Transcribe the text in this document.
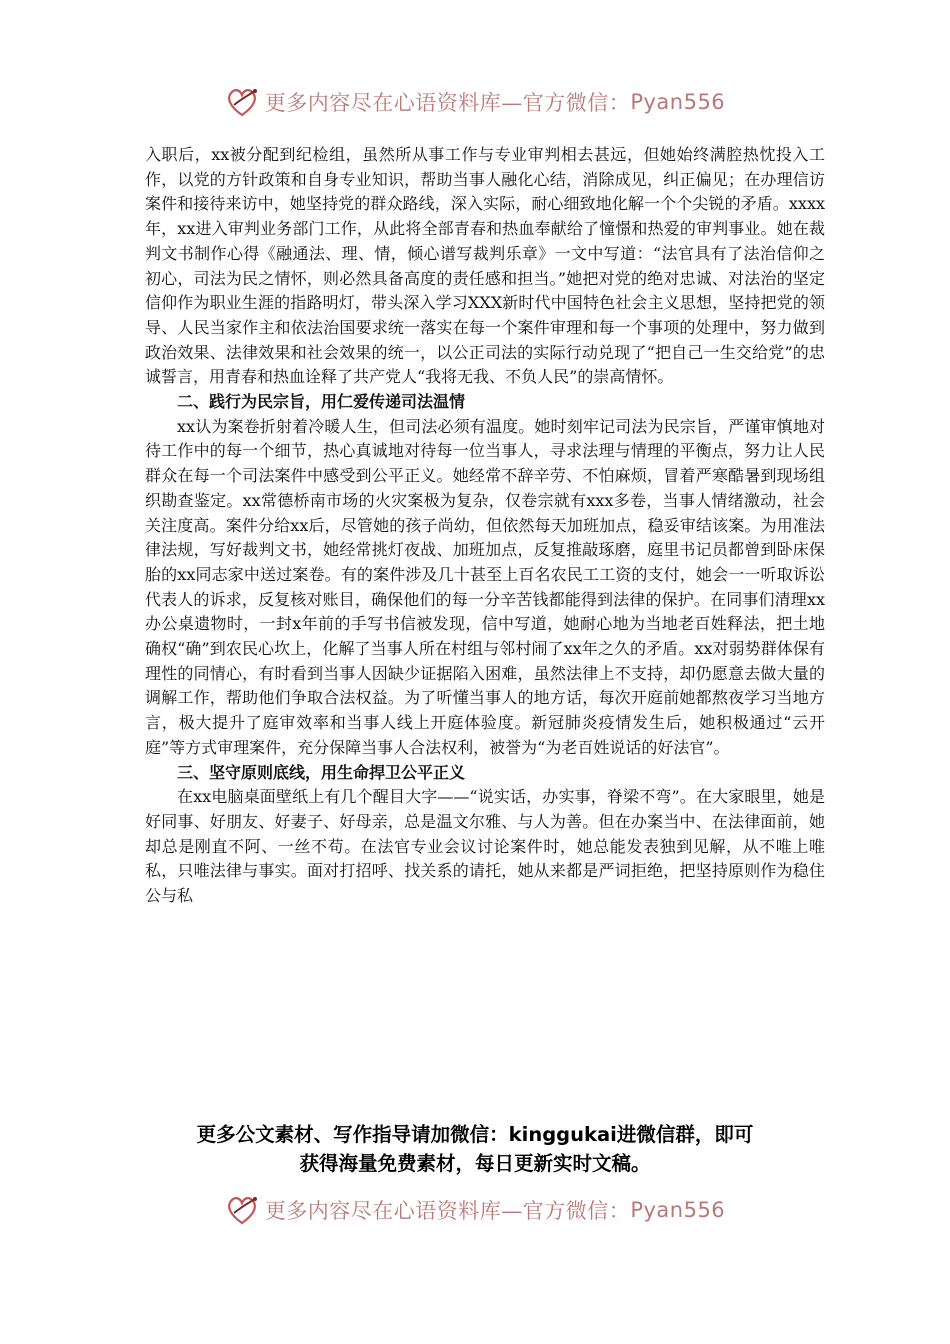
更多内容尽在心语资料库—官方微信： Pyan556

入职后，xx被分配到纪检组，虽然所从事工作与专业审判相去甚远，但她始终满腔热忱投入工作，以党的方针政策和自身专业知识，帮助当事人融化心结，消除成见，纠正偏见；在办理信访案件和接待来访中，她坚持党的群众路线，深入实际，耐心细致地化解一个个尖锐的矛盾。xxxx年，xx进入审判业务部门工作，从此将全部青春和热血奉献给了憧憬和热爱的审判事业。她在裁判文书制作心得《融通法、理、情，倾心谱写裁判乐章》一文中写道：“法官具有了法治信仰之初心，司法为民之情怀，则必然具备高度的责任感和担当。”她把对党的绝对忠诚、对法治的坚定信仰作为职业生涯的指路明灯，带头深入学习XXX新时代中国特色社会主义思想，坚持把党的领导、人民当家作主和依法治国要求统一落实在每一个案件审理和每一个事项的处理中，努力做到政治效果、法律效果和社会效果的统一，以公正司法的实际行动兑现了“把自己一生交给党”的忠诚誓言，用青春和热血诠释了共产党人“我将无我、不负人民”的崇高情怀。

二、践行为民宗旨，用仁爱传递司法温情

xx认为案卷折射着冷暖人生，但司法必须有温度。她时刻牢记司法为民宗旨，严谨审慎地对待工作中的每一个细节，热心真诚地对待每一位当事人，寻求法理与情理的平衡点，努力让人民群众在每一个司法案件中感受到公平正义。她经常不辞辛劳、不怕麻烦，冒着严寒酷暑到现场组织勘查鉴定。xx常德桥南市场的火灾案极为复杂，仅卷宗就有xxx多卷，当事人情绪激动，社会关注度高。案件分给xx后，尽管她的孩子尚幼，但依然每天加班加点，稳妥审结该案。为用准法律法规，写好裁判文书，她经常挑灯夜战、加班加点，反复推敲琢磨，庭里书记员都曾到卧床保胎的xx同志家中送过案卷。有的案件涉及几十甚至上百名农民工工资的支付，她会一一听取诉讼代表人的诉求，反复核对账目，确保他们的每一分辛苦钱都能得到法律的保护。在同事们清理xx办公桌遗物时，一封x年前的手写书信被发现，信中写道，她耐心地为当地老百姓释法，把土地确权“确”到农民心坎上，化解了当事人所在村组与邻村闹了xx年之久的矛盾。xx对弱势群体保有理性的同情心，有时看到当事人因缺少证据陷入困难，虽然法律上不支持，却仍愿意去做大量的调解工作，帮助他们争取合法权益。为了听懂当事人的地方话，每次开庭前她都熬夜学习当地方言，极大提升了庭审效率和当事人线上开庭体验度。新冠肺炎疫情发生后，她积极通过“云开庭”等方式审理案件，充分保障当事人合法权利，被誉为“为老百姓说话的好法官”。

三、坚守原则底线，用生命捍卫公平正义

在xx电脑桌面壁纸上有几个醒目大字——“说实话，办实事，脊梁不弯”。在大家眼里，她是好同事、好朋友、好妻子、好母亲，总是温文尔雅、与人为善。但在办案当中、在法律面前，她却总是刚直不阿、一丝不苟。在法官专业会议讨论案件时，她总能发表独到见解，从不唯上唯私，只唯法律与事实。面对打招呼、找关系的请托，她从来都是严词拒绝，把坚持原则作为稳住公与私

更多公文素材、写作指导请加微信：kinggukai进微信群，即可
获得海量免费素材，每日更新实时文稿。
更多内容尽在心语资料库—官方微信： Pyan556
